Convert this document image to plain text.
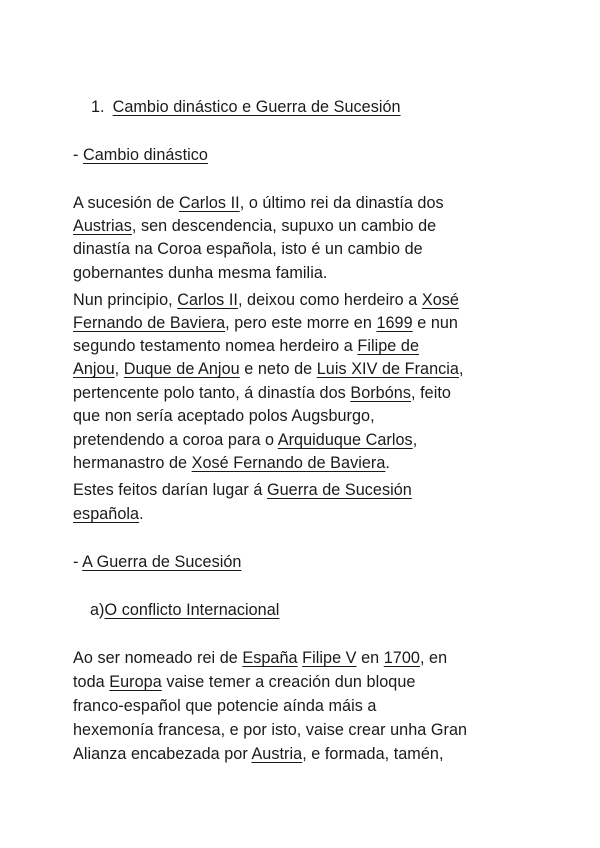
1. Cambio dinástico e Guerra de Sucesión
- Cambio dinástico
A sucesión de Carlos II, o último rei da dinastía dos
Austrias, sen descendencia, supuxo un cambio de
dinastía na Coroa española, isto é un cambio de
gobernantes dunha mesma familia.
Nun principio, Carlos II, deixou como herdeiro a Xosé
Fernando de Baviera, pero este morre en 1699 e nun
segundo testamento nomea herdeiro a Filipe de
Anjou, Duque de Anjou e neto de Luis XIV de Francia,
pertencente polo tanto, á dinastía dos Borbóns, feito
que non sería aceptado polos Augsburgo,
pretendendo a coroa para o Arquiduque Carlos,
hermanastro de Xosé Fernando de Baviera.
Estes feitos darían lugar á Guerra de Sucesión
española.
- A Guerra de Sucesión
a)O conflicto Internacional
Ao ser nomeado rei de España Filipe V en 1700, en
toda Europa vaise temer a creación dun bloque
franco-español que potencie aínda máis a
hexemonía francesa, e por isto, vaise crear unha Gran
Alianza encabezada por Austria, e formada, tamén,
